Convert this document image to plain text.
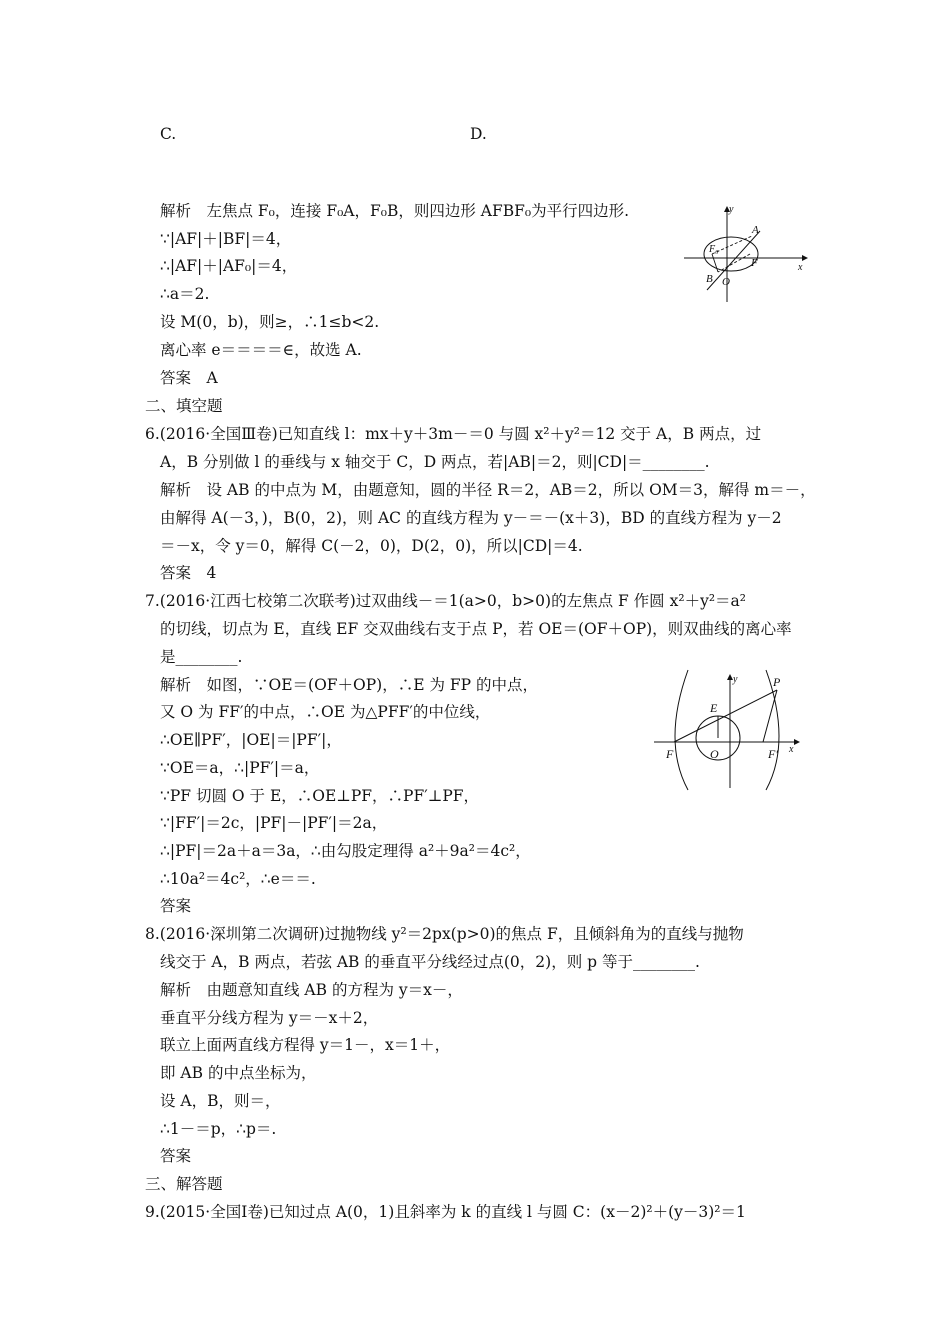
C.	D.
解析　左焦点 F₀，连接 F₀A，F₀B，则四边形 AFBF₀为平行四边形.
∵|AF|＋|BF|＝4，
∴|AF|＋|AF₀|＝4，
∴a＝2.
设 M(0，b)，则≥，∴1≤b<2.
离心率 e＝＝＝＝∈，故选 A.
答案　A
y
x
A
F₀
F
B O
二、填空题
6.(2016·全国Ⅲ卷)已知直线 l：mx＋y＋3m－＝0 与圆 x²＋y²＝12 交于 A，B 两点，过
A，B 分别做 l 的垂线与 x 轴交于 C，D 两点，若|AB|＝2，则|CD|＝________.
解析　设 AB 的中点为 M，由题意知，圆的半径 R＝2，AB＝2，所以 OM＝3，解得 m＝－，
由解得 A(－3，)，B(0，2)，则 AC 的直线方程为 y－＝－(x＋3)，BD 的直线方程为 y－2
＝－x，令 y＝0，解得 C(－2，0)，D(2，0)，所以|CD|＝4.
答案　4
7.(2016·江西七校第二次联考)过双曲线－＝1(a>0，b>0)的左焦点 F 作圆 x²＋y²＝a²
的切线，切点为 E，直线 EF 交双曲线右支于点 P，若 OE＝(OF＋OP)，则双曲线的离心率
是________.
解析　如图，∵OE＝(OF＋OP)，∴E 为 FP 的中点，
又 O 为 FF′的中点，∴OE 为△PFF′的中位线，
∴OE∥PF′，|OE|＝|PF′|，
∵OE＝a，∴|PF′|＝a，
∵PF 切圆 O 于 E，∴OE⊥PF，∴PF′⊥PF，
∵|FF′|＝2c，|PF|－|PF′|＝2a，
∴|PF|＝2a＋a＝3a，∴由勾股定理得 a²＋9a²＝4c²，
∴10a²＝4c²，∴e＝＝.
答案
y
x
P
E
F	O	F′
8.(2016·深圳第二次调研)过抛物线 y²＝2px(p>0)的焦点 F，且倾斜角为的直线与抛物
线交于 A，B 两点，若弦 AB 的垂直平分线经过点(0，2)，则 p 等于________.
解析　由题意知直线 AB 的方程为 y＝x－，
垂直平分线方程为 y＝－x＋2，
联立上面两直线方程得 y＝1－，x＝1＋，
即 AB 的中点坐标为，
设 A，B，则＝，
∴1－＝p，∴p＝.
答案
三、解答题
9.(2015·全国Ⅰ卷)已知过点 A(0，1)且斜率为 k 的直线 l 与圆 C：(x－2)²＋(y－3)²＝1
